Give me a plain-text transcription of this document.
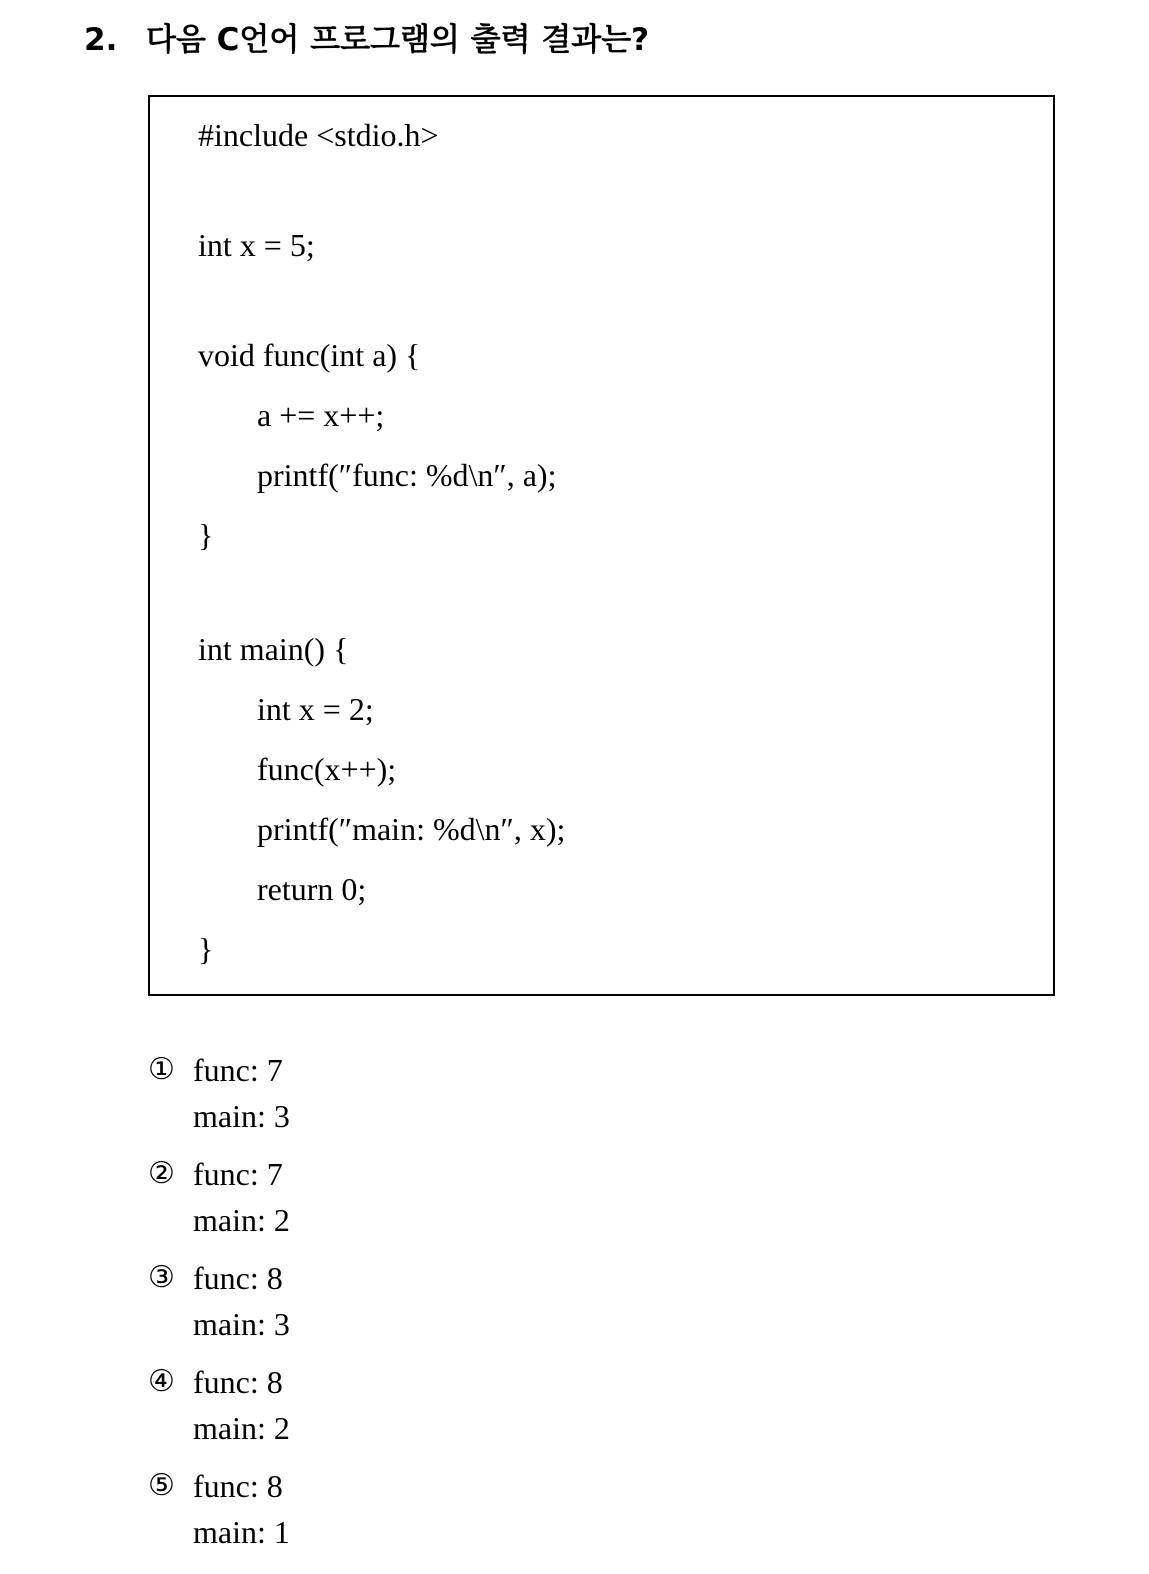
2. 다음 C언어 프로그램의 출력 결과는?
#include <stdio.h>
int x = 5;
void func(int a) {
a += x++;
printf(″func: %d\n″, a);
}
int main() {
int x = 2;
func(x++);
printf(″main: %d\n″, x);
return 0;
}
① func: 7
main: 3
② func: 7
main: 2
③ func: 8
main: 3
④ func: 8
main: 2
⑤ func: 8
main: 1
